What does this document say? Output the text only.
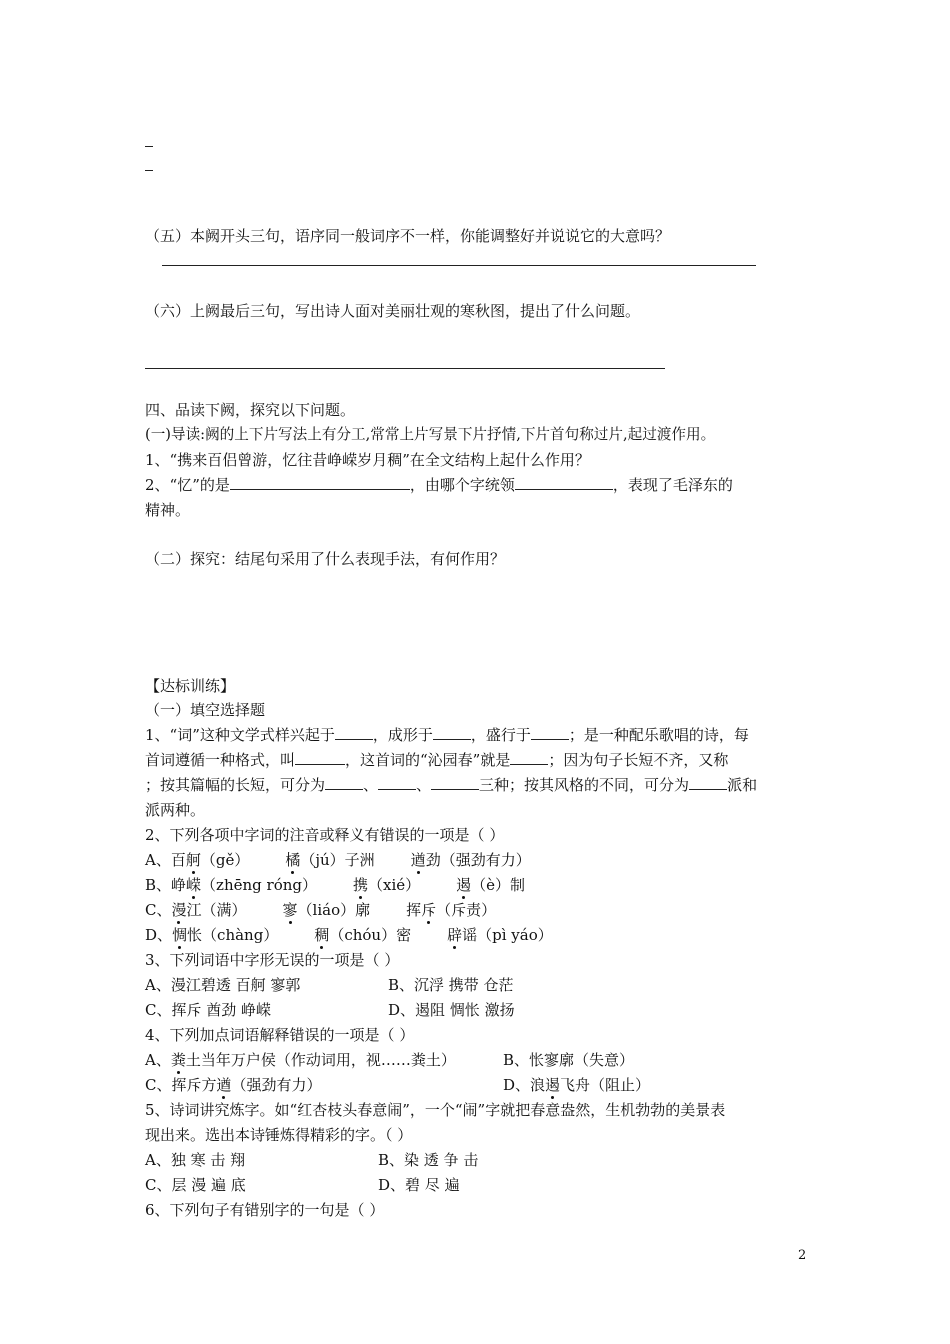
（五）本阙开头三句，语序同一般词序不一样，你能调整好并说说它的大意吗？
（六）上阙最后三句，写出诗人面对美丽壮观的寒秋图，提出了什么问题。
四、品读下阙，探究以下问题。
(一)导读:阙的上下片写法上有分工,常常上片写景下片抒情,下片首句称过片,起过渡作用。
1、“携来百侣曾游，忆往昔峥嵘岁月稠”在全文结构上起什么作用？
2、“忆”的是	，由哪个字统领	，表现了毛泽东的
精神。
（二）探究：结尾句采用了什么表现手法，有何作用？
【达标训练】
（一）填空选择题
1、“词”这种文学式样兴起于	，成形于	，盛行于	；是一种配乐歌唱的诗，每
首词遵循一种格式，叫	，这首词的“沁园春”就是	；因为句子长短不齐，又称
；按其篇幅的长短，可分为	、	、	三种；按其风格的不同，可分为	派和
派两种。
2、下列各项中字词的注音或释义有错误的一项是（ ）
A、百舸（gě） 橘（jú）子洲 遒劲（强劲有力）
B、峥嵘（zhēng róng） 携（xié） 遏（è）制
C、漫江（满） 寥（liáo）廓 挥斥（斥责）
D、惆怅（chàng） 稠（chóu）密 辟谣（pì yáo）
3、下列词语中字形无误的一项是（ ）
A、漫江碧透 百舸 寥郭	B、沉浮 携带 仓茫
C、挥斥 酋劲 峥嵘	D、遏阻 惆怅 激扬
4、下列加点词语解释错误的一项是（ ）
A、粪土当年万户侯（作动词用，视……粪土）	B、怅寥廓（失意）
C、挥斥方遒（强劲有力）	D、浪遏飞舟（阻止）
5、诗词讲究炼字。如“红杏枝头春意闹”，一个“闹”字就把春意盎然，生机勃勃的美景表
现出来。选出本诗锤炼得精彩的字。（ ）
A、独 寒 击 翔	B、染 透 争 击
C、层 漫 遍 底	D、碧 尽 遍
6、下列句子有错别字的一句是（ ）
2
